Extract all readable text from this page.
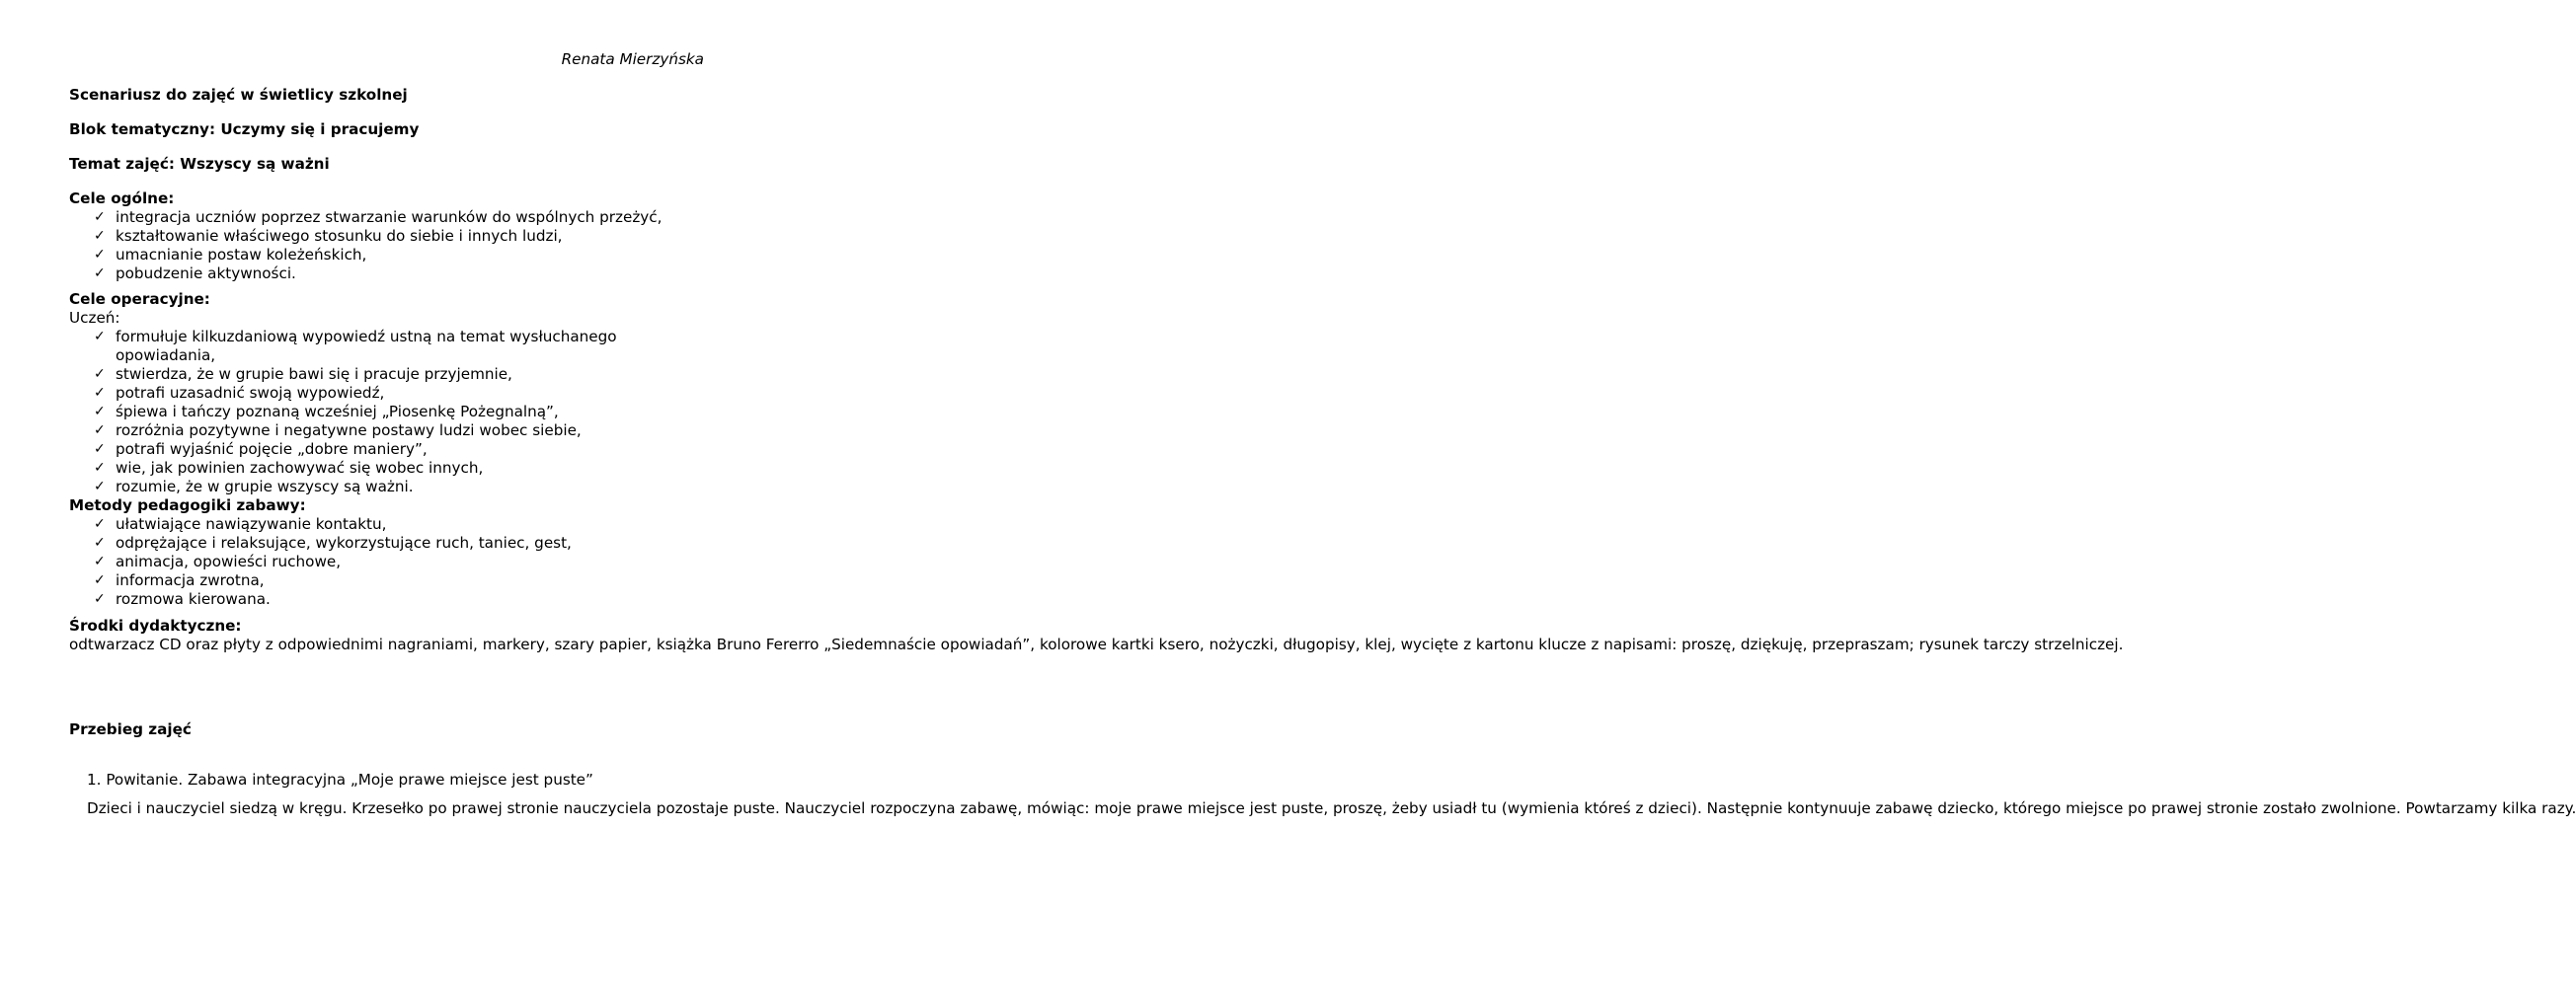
Renata Mierzyńska
Scenariusz do zajęć w świetlicy szkolnej
Blok tematyczny: Uczymy się i pracujemy
Temat zajęć: Wszyscy są ważni
Cele ogólne:
✓ integracja uczniów poprzez stwarzanie warunków do wspólnych przeżyć,
✓ kształtowanie właściwego stosunku do siebie i innych ludzi,
✓ umacnianie postaw koleżeńskich,
✓ pobudzenie aktywności.
Cele operacyjne:
Uczeń:
✓ formułuje kilkuzdaniową wypowiedź ustną na temat wysłuchanego opowiadania,
✓ stwierdza, że w grupie bawi się i pracuje przyjemnie,
✓ potrafi uzasadnić swoją wypowiedź,
✓ śpiewa i tańczy poznaną wcześniej „Piosenkę Pożegnalną”,
✓ rozróżnia pozytywne i negatywne postawy ludzi wobec siebie,
✓ potrafi wyjaśnić pojęcie „dobre maniery”,
✓ wie, jak powinien zachowywać się wobec innych,
✓ rozumie, że w grupie wszyscy są ważni.
Metody pedagogiki zabawy:
✓ ułatwiające nawiązywanie kontaktu,
✓ odprężające i relaksujące, wykorzystujące ruch, taniec, gest,
✓ animacja, opowieści ruchowe,
✓ informacja zwrotna,
✓ rozmowa kierowana.
Środki dydaktyczne:
odtwarzacz CD oraz płyty z odpowiednimi nagraniami, markery, szary papier, książka Bruno Fererro „Siedemnaście opowiadań”, kolorowe kartki ksero, nożyczki, długopisy, klej, wycięte z kartonu klucze z napisami: proszę, dziękuję, przepraszam; rysunek tarczy strzelniczej.
Przebieg zajęć
1. Powitanie. Zabawa integracyjna „Moje prawe miejsce jest puste”
Dzieci i nauczyciel siedzą w kręgu. Krzesełko po prawej stronie nauczyciela pozostaje puste. Nauczyciel rozpoczyna zabawę, mówiąc: moje prawe miejsce jest puste, proszę, żeby usiadł tu (wymienia któreś z dzieci). Następnie kontynuuje zabawę dziecko, którego miejsce po prawej stronie zostało zwolnione. Powtarzamy kilka razy.
